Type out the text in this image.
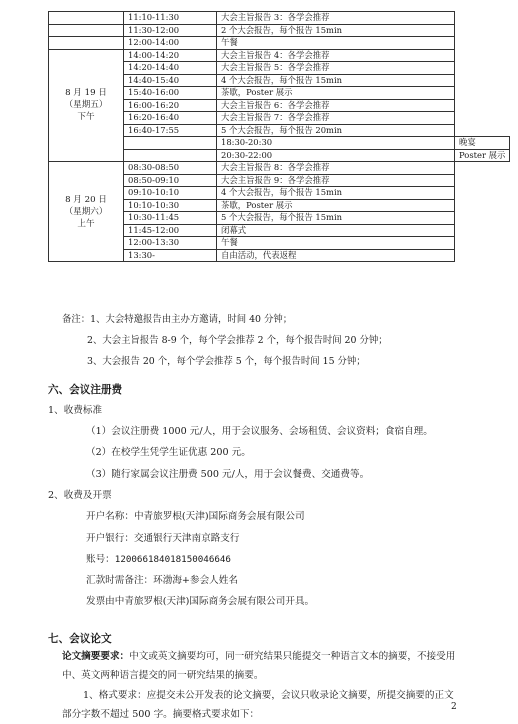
	11:10-11:30	大会主旨报告 3：各学会推荐	
	11:30-12:00	2 个大会报告，每个报告 15min	
	12:00-14:00	午餐	

8 月 19 日
（星期五）
下午	14:00-14:20	大会主旨报告 4：各学会推荐	
	14:20-14:40	大会主旨报告 5：各学会推荐	
	14:40-15:40	4 个大会报告，每个报告 15min	
	15:40-16:00	茶歇，Poster 展示	
	16:00-16:20	大会主旨报告 6：各学会推荐	
	16:20-16:40	大会主旨报告 7：各学会推荐	
	16:40-17:55	5 个大会报告，每个报告 20min	
		18:30-20:30	晚宴
		20:30-22:00	Poster 展示

8 月 20 日
（星期六）
上午	08:30-08:50	大会主旨报告 8：各学会推荐	
	08:50-09:10	大会主旨报告 9：各学会推荐	
	09:10-10:10	4 个大会报告，每个报告 15min	
	10:10-10:30	茶歇，Poster 展示	
	10:30-11:45	5 个大会报告，每个报告 15min	
	11:45-12:00	闭幕式	
	12:00-13:30	午餐	
	13:30-	自由活动，代表返程	
备注：1、大会特邀报告由主办方邀请，时间 40 分钟；
2、大会主旨报告 8-9 个，每个学会推荐 2 个，每个报告时间 20 分钟；
3、大会报告 20 个，每个学会推荐 5 个，每个报告时间 15 分钟；
六、会议注册费
1、收费标准
（1）会议注册费 1000 元/人，用于会议服务、会场租赁、会议资料；食宿自理。
（2）在校学生凭学生证优惠 200 元。
（3）随行家属会议注册费 500 元/人，用于会议餐费、交通费等。
2、收费及开票
开户名称：中青旅罗根(天津)国际商务会展有限公司
开户银行：交通银行天津南京路支行
账号：120066184018150046646
汇款时需备注：环渤海+参会人姓名
发票由中青旅罗根(天津)国际商务会展有限公司开具。
七、会议论文
论文摘要要求：中文或英文摘要均可，同一研究结果只能提交一种语言文本的摘要，不接受用中、英文两种语言提交的同一研究结果的摘要。
1、格式要求：应提交未公开发表的论文摘要，会议只收录论文摘要，所提交摘要的正文部分字数不超过 500 字。摘要格式要求如下：
2
